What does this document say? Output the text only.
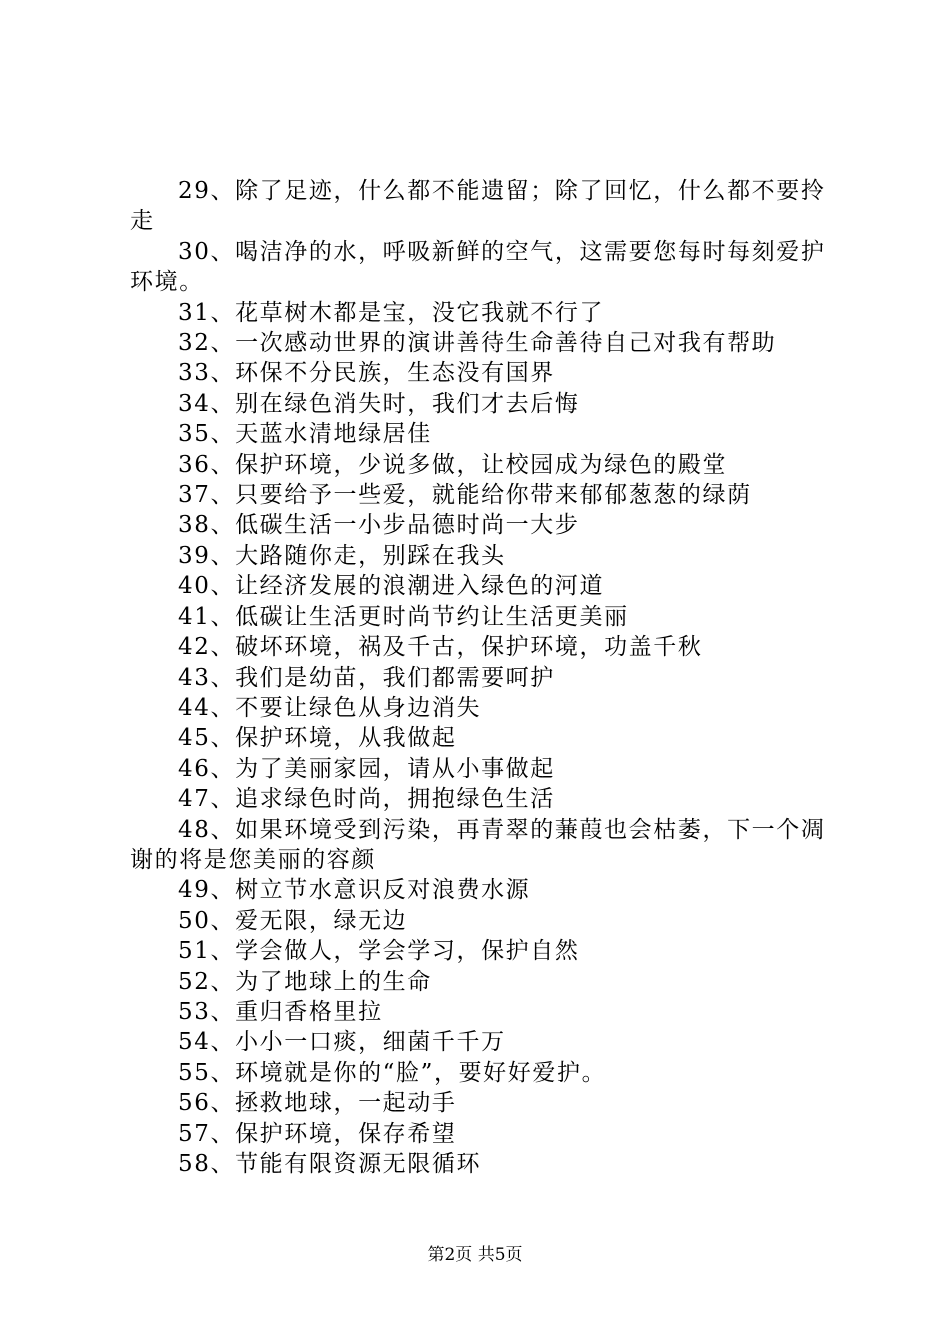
29、除了足迹，什么都不能遗留；除了回忆，什么都不要拎走

30、喝洁净的水，呼吸新鲜的空气，这需要您每时每刻爱护环境。

31、花草树木都是宝，没它我就不行了

32、一次感动世界的演讲善待生命善待自己对我有帮助

33、环保不分民族，生态没有国界

34、别在绿色消失时，我们才去后悔

35、天蓝水清地绿居佳

36、保护环境，少说多做，让校园成为绿色的殿堂

37、只要给予一些爱，就能给你带来郁郁葱葱的绿荫

38、低碳生活一小步品德时尚一大步

39、大路随你走，别踩在我头

40、让经济发展的浪潮进入绿色的河道

41、低碳让生活更时尚节约让生活更美丽

42、破坏环境，祸及千古，保护环境，功盖千秋

43、我们是幼苗，我们都需要呵护

44、不要让绿色从身边消失

45、保护环境，从我做起

46、为了美丽家园，请从小事做起

47、追求绿色时尚，拥抱绿色生活

48、如果环境受到污染，再青翠的蒹葭也会枯萎，下一个凋谢的将是您美丽的容颜

49、树立节水意识反对浪费水源

50、爱无限，绿无边

51、学会做人，学会学习，保护自然

52、为了地球上的生命

53、重归香格里拉

54、小小一口痰，细菌千千万

55、环境就是你的“脸”，要好好爱护。

56、拯救地球，一起动手

57、保护环境，保存希望

58、节能有限资源无限循环

第2页 共5页
